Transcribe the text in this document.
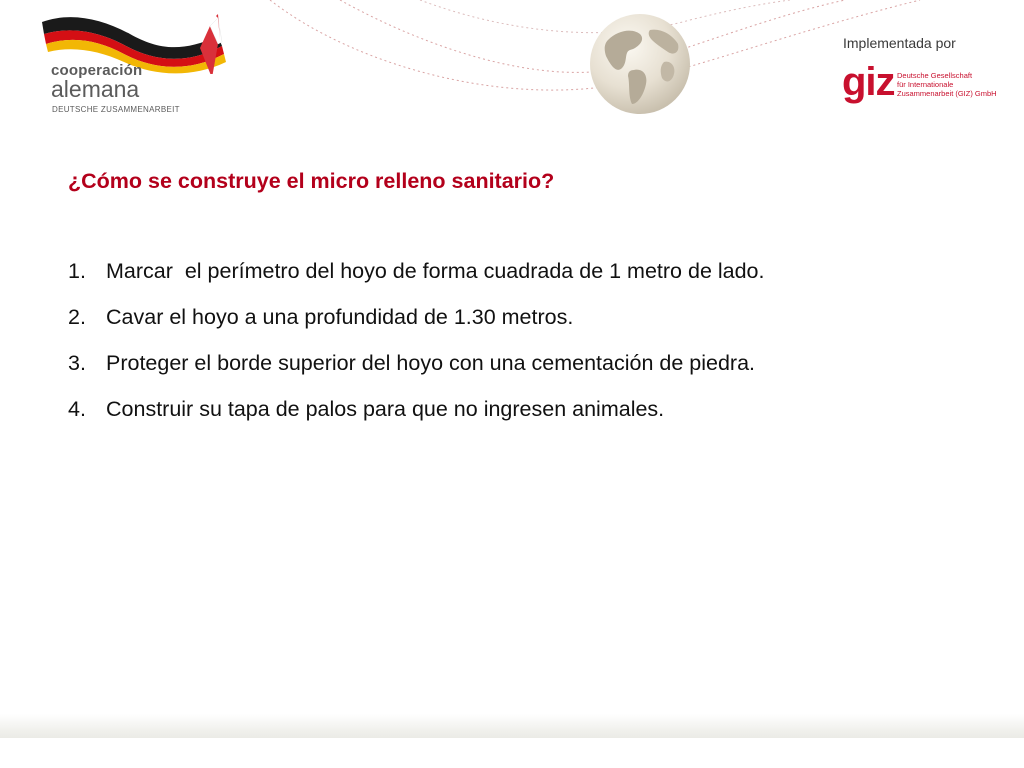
cooperación
alemana
DEUTSCHE ZUSAMMENARBEIT
Implementada por
giz Deutsche Gesellschaft
für Internationale
Zusammenarbeit (GIZ) GmbH
¿Cómo se construye el micro relleno sanitario?
1. Marcar  el perímetro del hoyo de forma cuadrada de 1 metro de lado.
2. Cavar el hoyo a una profundidad de 1.30 metros.
3. Proteger el borde superior del hoyo con una cementación de piedra.
4. Construir su tapa de palos para que no ingresen animales.
